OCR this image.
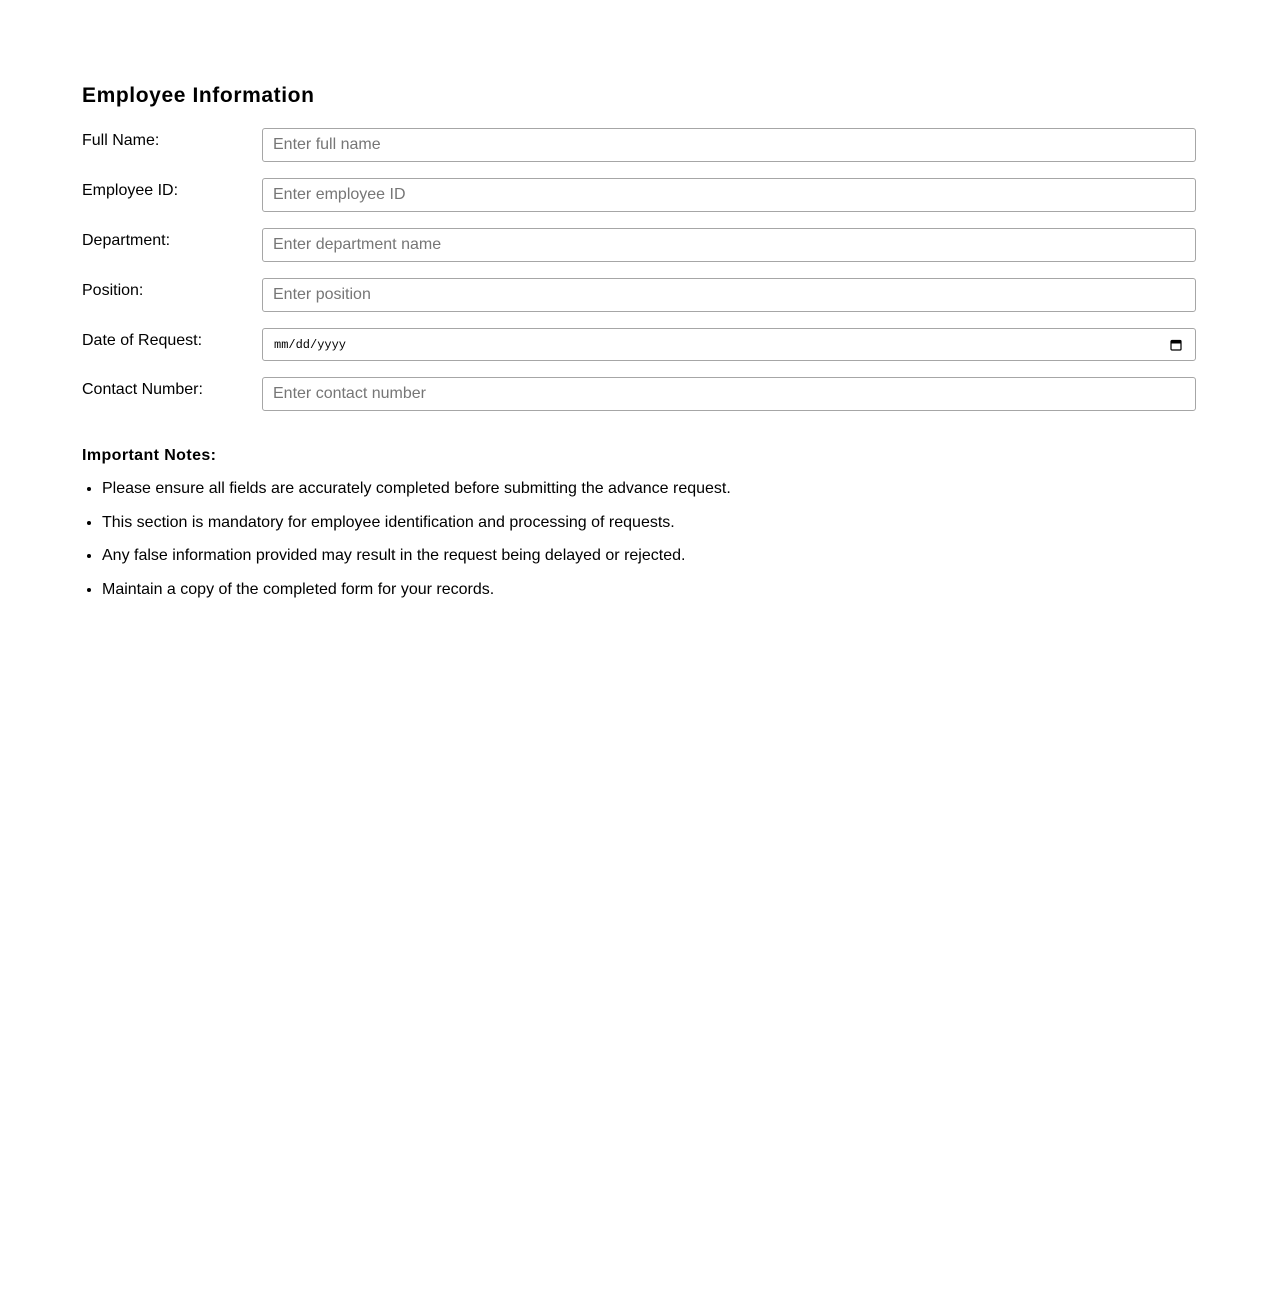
Employee Information
Full Name:
Enter full name
Employee ID:
Enter employee ID
Department:
Enter department name
Position:
Enter position
Date of Request:	mm/dd/yyyy
Contact Number:
Enter contact number
Important Notes:
• Please ensure all fields are accurately completed before submitting the advance request.
• This section is mandatory for employee identification and processing of requests.
• Any false information provided may result in the request being delayed or rejected.
• Maintain a copy of the completed form for your records.
